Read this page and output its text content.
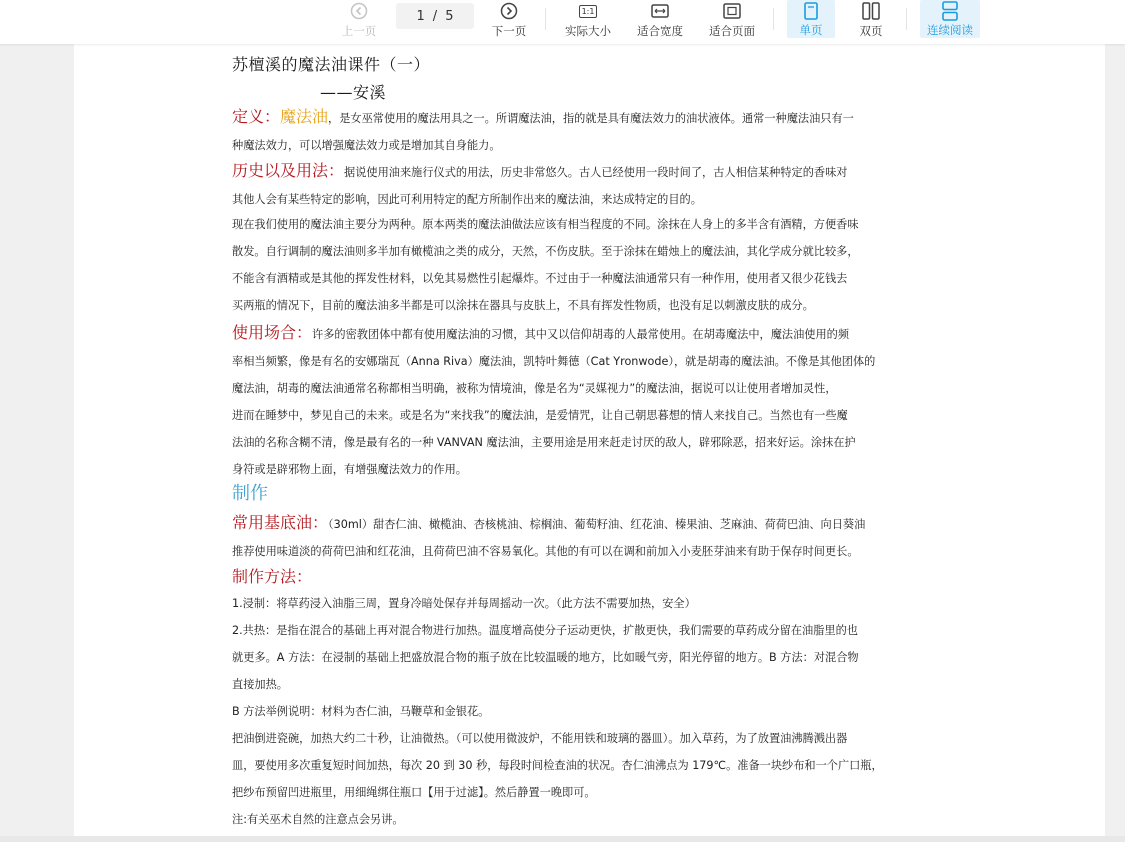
上一页
1 / 5
下一页
1:1
实际大小 适合宽度 适合页面	单页	双页	连续阅读
苏檀溪的魔法油课件（一）
——安溪
定义：魔法油，是女巫常使用的魔法用具之一。所谓魔法油，指的就是具有魔法效力的油状液体。通常一种魔法油只有一
种魔法效力，可以增强魔法效力或是增加其自身能力。
历史以及用法：据说使用油来施行仪式的用法，历史非常悠久。古人已经使用一段时间了，古人相信某种特定的香味对
其他人会有某些特定的影响，因此可利用特定的配方所制作出来的魔法油，来达成特定的目的。
现在我们使用的魔法油主要分为两种。原本两类的魔法油做法应该有相当程度的不同。涂抹在人身上的多半含有酒精，方便香味
散发。自行调制的魔法油则多半加有橄榄油之类的成分，天然，不伤皮肤。至于涂抹在蜡烛上的魔法油，其化学成分就比较多，
不能含有酒精或是其他的挥发性材料，以免其易燃性引起爆炸。不过由于一种魔法油通常只有一种作用，使用者又很少花钱去
买两瓶的情况下，目前的魔法油多半都是可以涂抹在器具与皮肤上，不具有挥发性物质，也没有足以刺激皮肤的成分。
使用场合：许多的密教团体中都有使用魔法油的习惯，其中又以信仰胡毒的人最常使用。在胡毒魔法中，魔法油使用的频
率相当频繁，像是有名的安娜瑞瓦（Anna Riva）魔法油，凯特叶舞德（Cat Yronwode），就是胡毒的魔法油。不像是其他团体的
魔法油，胡毒的魔法油通常名称都相当明确，被称为情境油，像是名为“灵媒视力”的魔法油，据说可以让使用者增加灵性，
进而在睡梦中，梦见自己的未来。或是名为“来找我”的魔法油，是爱情咒，让自己朝思暮想的情人来找自己。当然也有一些魔
法油的名称含糊不清，像是最有名的一种 VANVAN 魔法油，主要用途是用来赶走讨厌的敌人，辟邪除恶，招来好运。涂抹在护
身符或是辟邪物上面，有增强魔法效力的作用。
制作
常用基底油：（30ml）甜杏仁油、橄榄油、杏核桃油、棕榈油、葡萄籽油、红花油、榛果油、芝麻油、荷荷巴油、向日葵油
推荐使用味道淡的荷荷巴油和红花油，且荷荷巴油不容易氧化。其他的有可以在调和前加入小麦胚芽油来有助于保存时间更长。
制作方法：
1.浸制：将草药浸入油脂三周，置身冷暗处保存并每周摇动一次。（此方法不需要加热，安全）
2.共热：是指在混合的基础上再对混合物进行加热。温度增高使分子运动更快，扩散更快，我们需要的草药成分留在油脂里的也
就更多。A 方法：在浸制的基础上把盛放混合物的瓶子放在比较温暖的地方，比如暖气旁，阳光停留的地方。B 方法：对混合物
直接加热。
B 方法举例说明：材料为杏仁油，马鞭草和金银花。
把油倒进瓷碗，加热大约二十秒，让油微热。（可以使用微波炉，不能用铁和玻璃的器皿）。加入草药，为了放置油沸腾溅出器
皿，要使用多次重复短时间加热，每次 20 到 30 秒，每段时间检查油的状况。杏仁油沸点为 179℃。准备一块纱布和一个广口瓶，
把纱布预留凹进瓶里，用细绳绑住瓶口【用于过滤】。然后静置一晚即可。
注:有关巫术自然的注意点会另讲。
